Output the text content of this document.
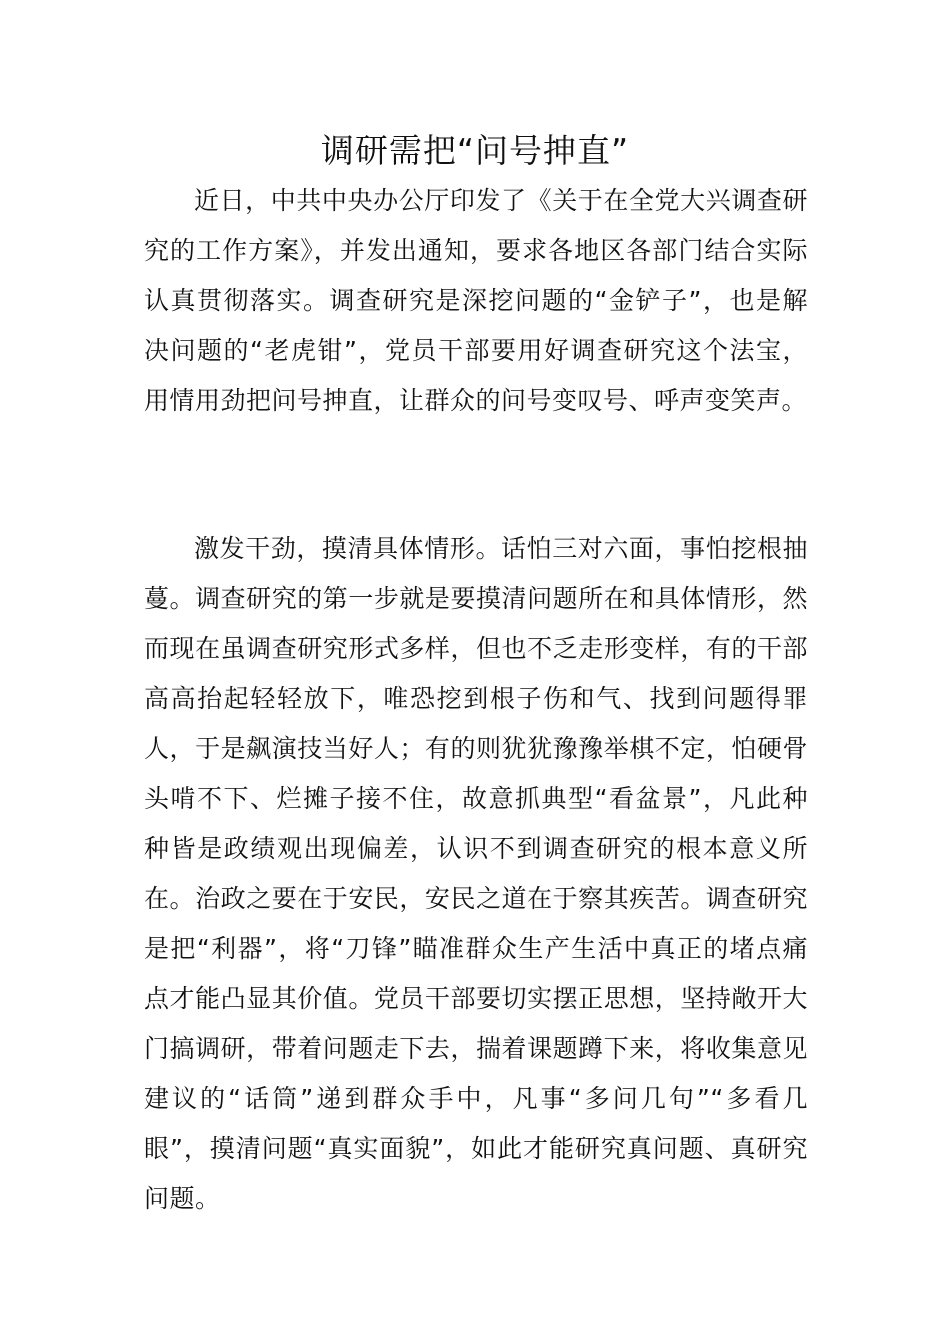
调研需把“问号抻直”

近日，中共中央办公厅印发了《关于在全党大兴调查研究的工作方案》，并发出通知，要求各地区各部门结合实际认真贯彻落实。调查研究是深挖问题的“金铲子”，也是解决问题的“老虎钳”，党员干部要用好调查研究这个法宝，用情用劲把问号抻直，让群众的问号变叹号、呼声变笑声。

激发干劲，摸清具体情形。话怕三对六面，事怕挖根抽蔓。调查研究的第一步就是要摸清问题所在和具体情形，然而现在虽调查研究形式多样，但也不乏走形变样，有的干部高高抬起轻轻放下，唯恐挖到根子伤和气、找到问题得罪人，于是飙演技当好人；有的则犹犹豫豫举棋不定，怕硬骨头啃不下、烂摊子接不住，故意抓典型“看盆景”，凡此种种皆是政绩观出现偏差，认识不到调查研究的根本意义所在。治政之要在于安民，安民之道在于察其疾苦。调查研究是把“利器”，将“刀锋”瞄准群众生产生活中真正的堵点痛点才能凸显其价值。党员干部要切实摆正思想，坚持敞开大门搞调研，带着问题走下去，揣着课题蹲下来，将收集意见建议的“话筒”递到群众手中，凡事“多问几句”“多看几眼”，摸清问题“真实面貌”，如此才能研究真问题、真研究问题。
